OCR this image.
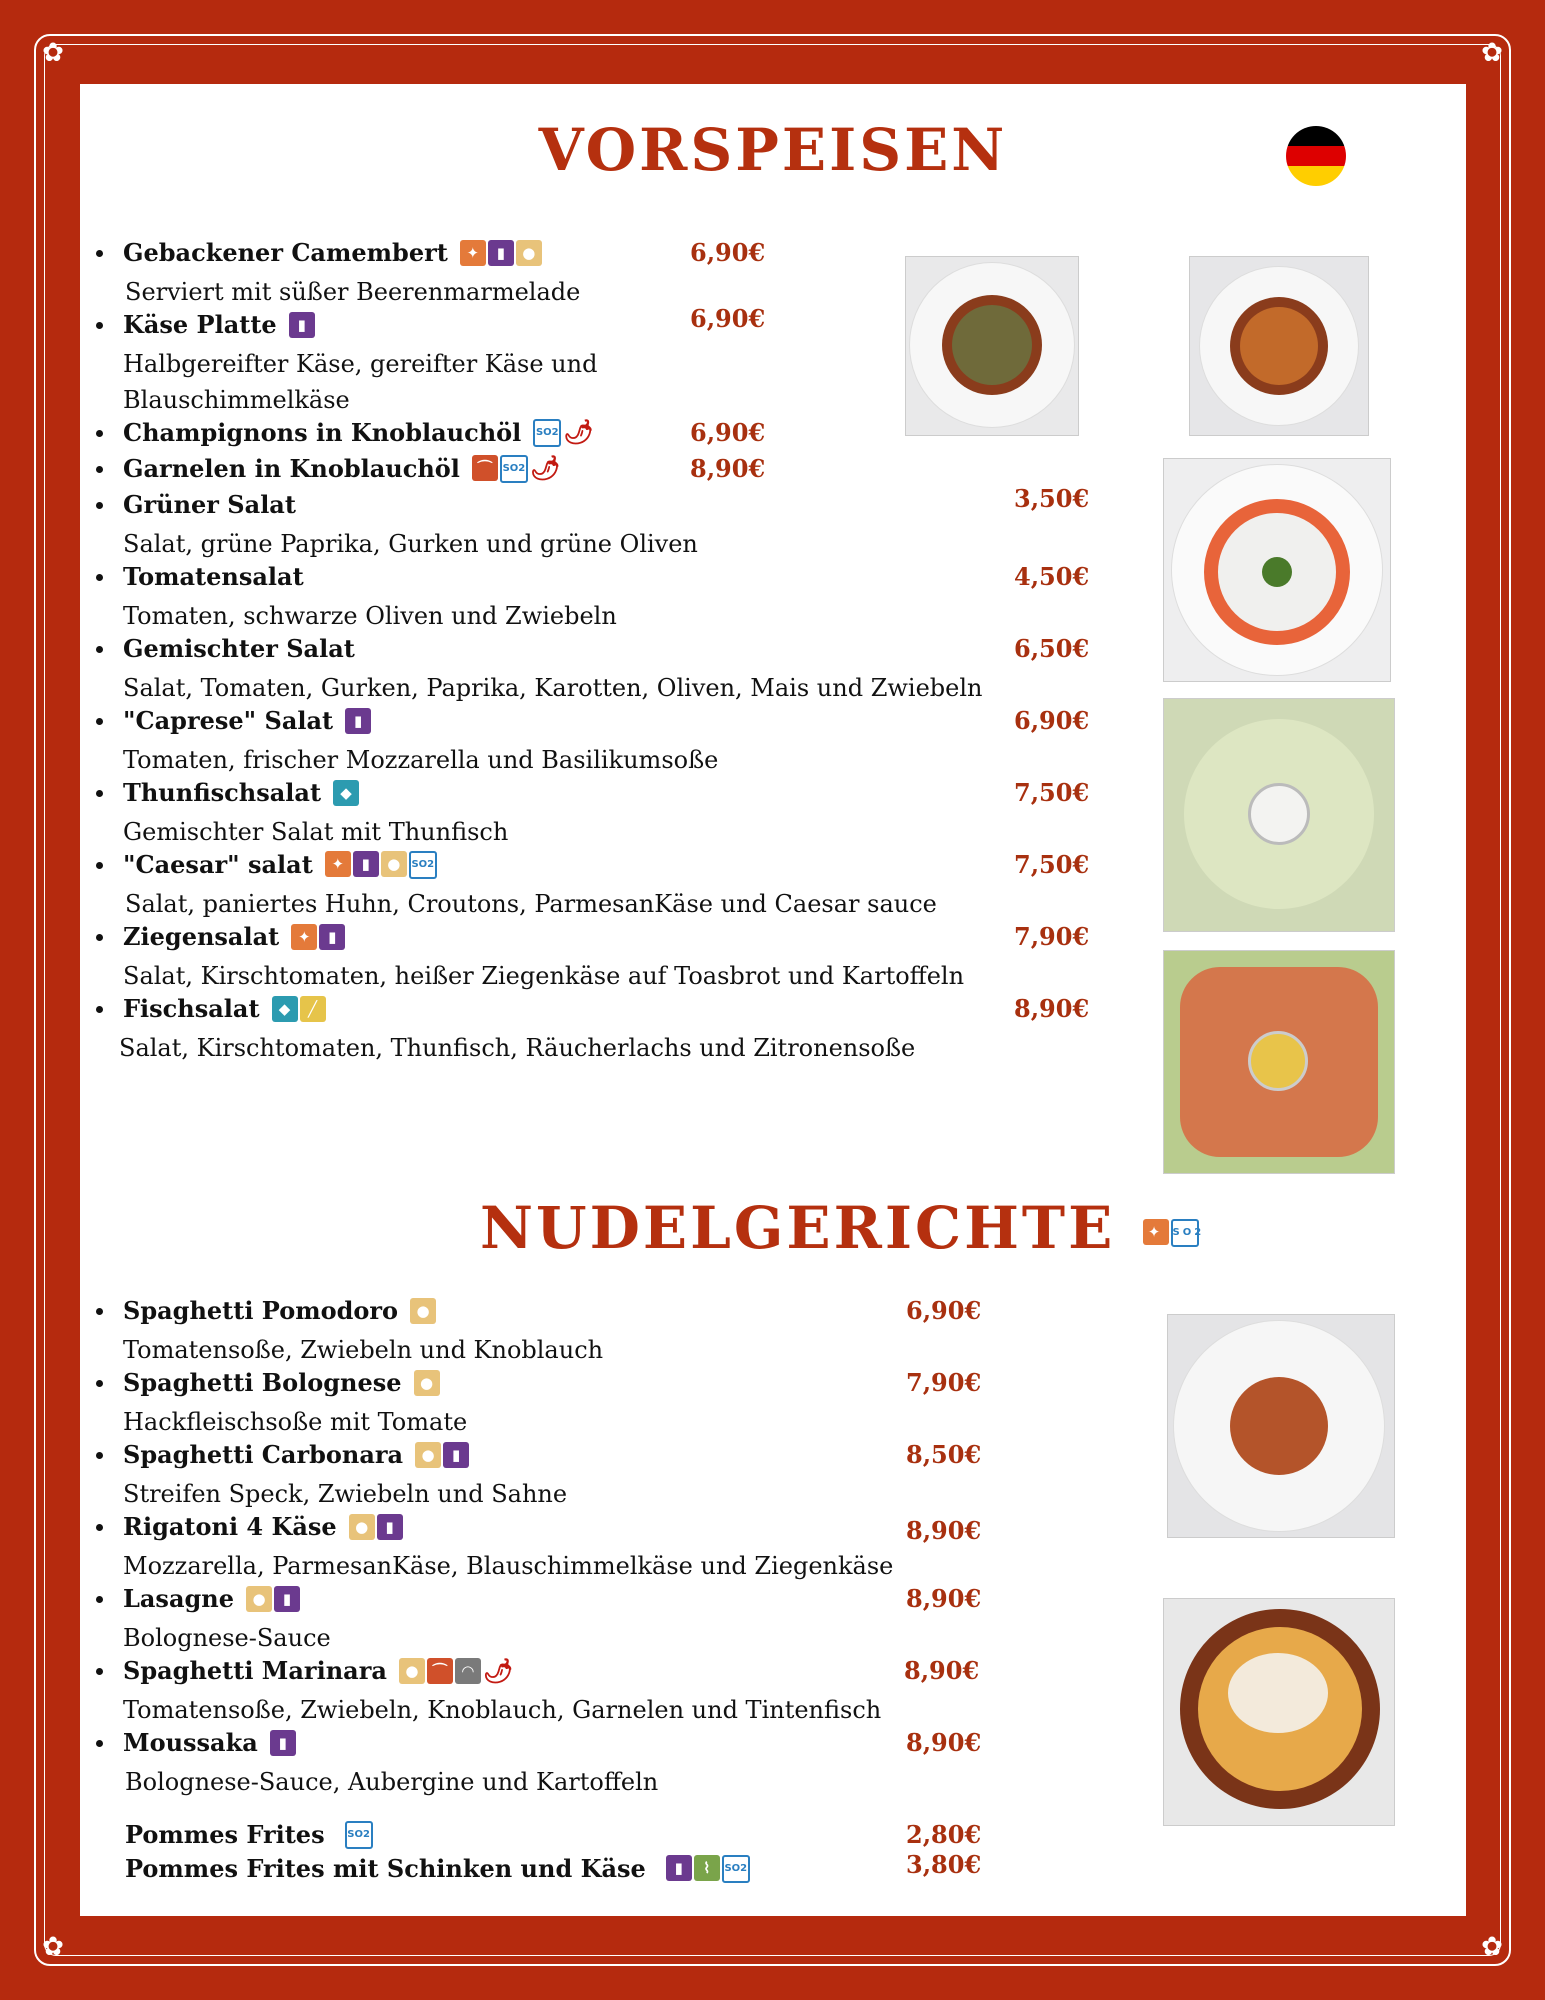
✿	✿
✿	✿
VORSPEISEN
Gebackener Camembert	✦	▮	●	6,90€
Serviert mit süßer Beerenmarmelade
Käse Platte	▮	6,90€
Halbgereifter Käse, gereifter Käse und
Blauschimmelkäse
Champignons in Knoblauchöl SO2 🌶	6,90€
Garnelen in Knoblauchöl	⌒	SO2 🌶	8,90€
Grüner Salat	3,50€
Salat, grüne Paprika, Gurken und grüne Oliven
Tomatensalat	4,50€
Tomaten, schwarze Oliven und Zwiebeln
Gemischter Salat	6,50€
Salat, Tomaten, Gurken, Paprika, Karotten, Oliven, Mais und Zwiebeln
"Caprese" Salat	▮	6,90€
Tomaten, frischer Mozzarella und Basilikumsoße
Thunfischsalat	◆	7,50€
Gemischter Salat mit Thunfisch
"Caesar" salat	✦	▮	●	SO2	7,50€
Salat, paniertes Huhn, Croutons, ParmesanKäse und Caesar sauce
Ziegensalat	✦	▮	7,90€
Salat, Kirschtomaten, heißer Ziegenkäse auf Toasbrot und Kartoffeln
Fischsalat	◆	╱	8,90€
Salat, Kirschtomaten, Thunfisch, Räucherlachs und Zitronensoße
NUDELGERICHTE	✦ SO2
Spaghetti Pomodoro	●	6,90€
Tomatensoße, Zwiebeln und Knoblauch
Spaghetti Bolognese	●	7,90€
Hackfleischsoße mit Tomate
Spaghetti Carbonara	●	▮	8,50€
Streifen Speck, Zwiebeln und Sahne
Rigatoni 4 Käse	●	▮	8,90€
Mozzarella, ParmesanKäse, Blauschimmelkäse und Ziegenkäse
Lasagne	●	▮	8,90€
Bolognese-Sauce
Spaghetti Marinara	● ⌒ ◠ 🌶	8,90€
Tomatensoße, Zwiebeln, Knoblauch, Garnelen und Tintenfisch
Moussaka	▮	8,90€
Bolognese-Sauce, Aubergine und Kartoffeln
Pommes Frites SO2	2,80€
Pommes Frites mit Schinken und Käse	▮	⌇	SO2	3,80€
